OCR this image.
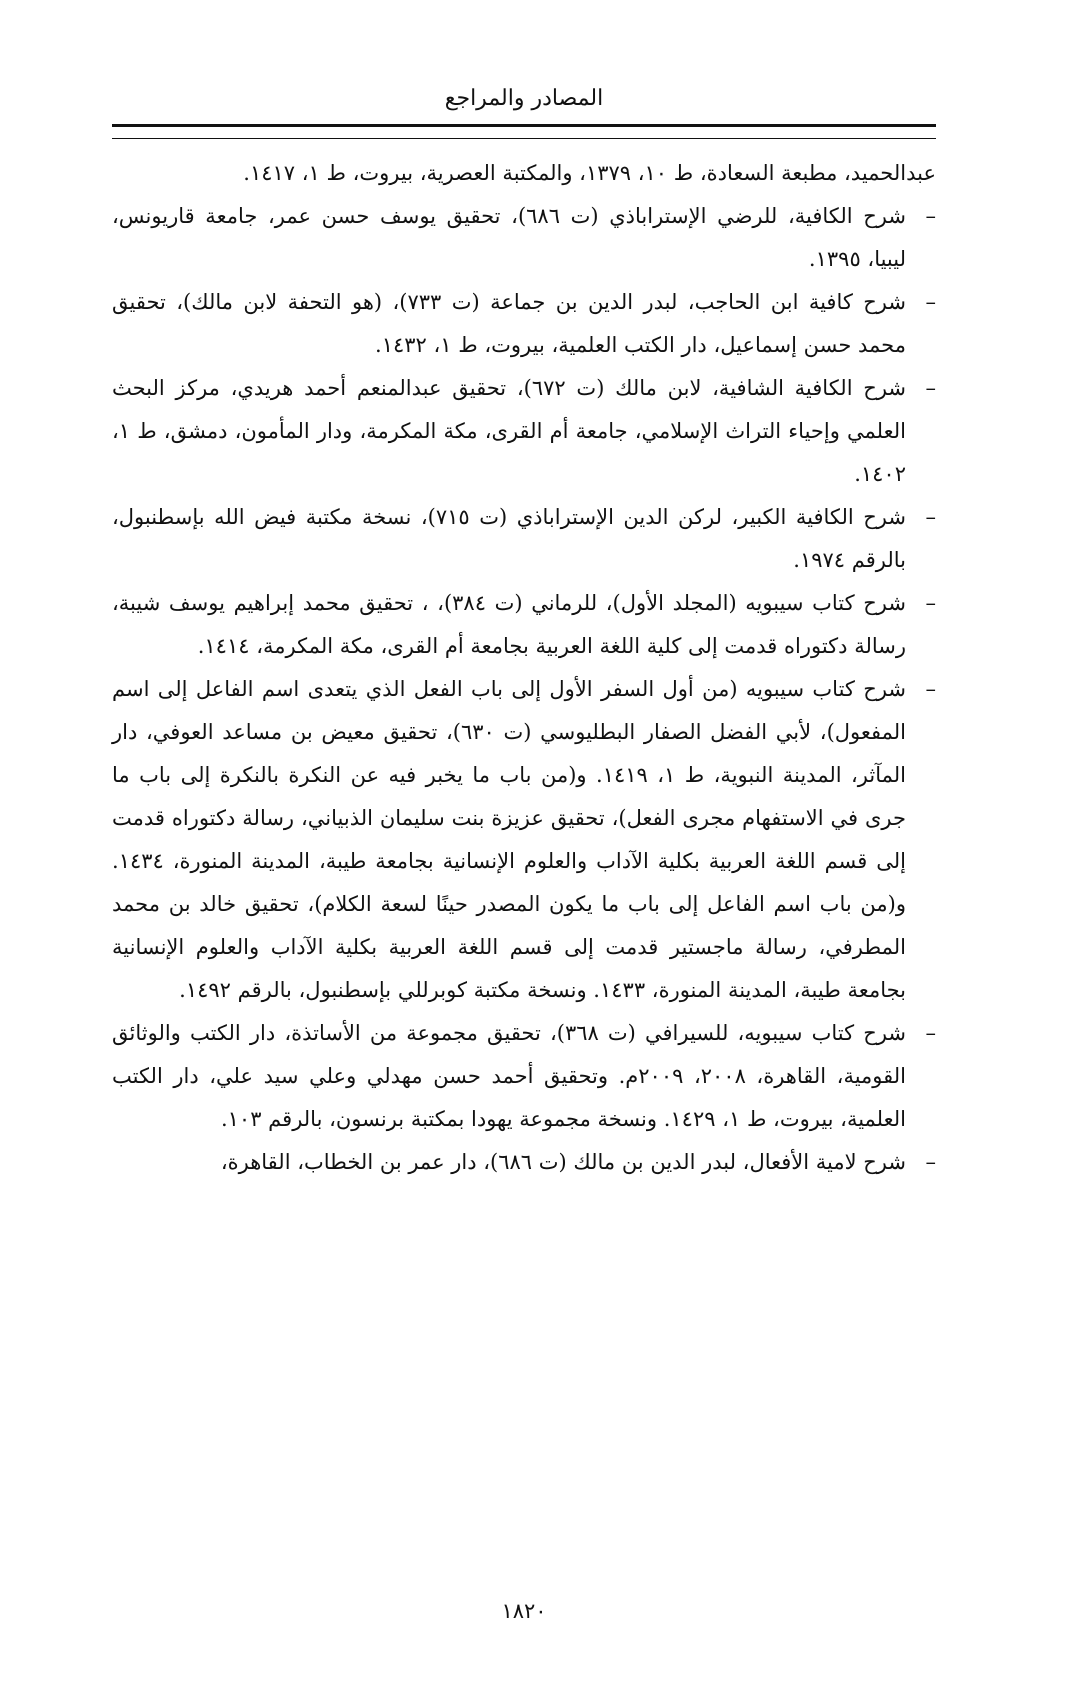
المصادر والمراجع

عبدالحميد، مطبعة السعادة، ط ١٠، ١٣٧٩، والمكتبة العصرية، بيروت، ط ١، ١٤١٧.

–
شرح الكافية، للرضي الإستراباذي (ت ٦٨٦)، تحقيق يوسف حسن عمر، جامعة قاريونس، ليبيا، ١٣٩٥.

–
شرح كافية ابن الحاجب، لبدر الدين بن جماعة (ت ٧٣٣)، (هو التحفة لابن مالك)، تحقيق محمد حسن إسماعيل، دار الكتب العلمية، بيروت، ط ١، ١٤٣٢.

–
شرح الكافية الشافية، لابن مالك (ت ٦٧٢)، تحقيق عبدالمنعم أحمد هريدي، مركز البحث العلمي وإحياء التراث الإسلامي، جامعة أم القرى، مكة المكرمة، ودار المأمون، دمشق، ط ١، ١٤٠٢.

–
شرح الكافية الكبير، لركن الدين الإستراباذي (ت ٧١٥)، نسخة مكتبة فيض الله بإسطنبول، بالرقم ١٩٧٤.

–
شرح كتاب سيبويه (المجلد الأول)، للرماني (ت ٣٨٤)، ، تحقيق محمد إبراهيم يوسف شيبة، رسالة دكتوراه قدمت إلى كلية اللغة العربية بجامعة أم القرى، مكة المكرمة، ١٤١٤.

–
شرح كتاب سيبويه (من أول السفر الأول إلى باب الفعل الذي يتعدى اسم الفاعل إلى اسم المفعول)، لأبي الفضل الصفار البطليوسي (ت ٦٣٠)، تحقيق معيض بن مساعد العوفي، دار المآثر، المدينة النبوية، ط ١، ١٤١٩. و(من باب ما يخبر فيه عن النكرة بالنكرة إلى باب ما جرى في الاستفهام مجرى الفعل)، تحقيق عزيزة بنت سليمان الذبياني، رسالة دكتوراه قدمت إلى قسم اللغة العربية بكلية الآداب والعلوم الإنسانية بجامعة طيبة، المدينة المنورة، ١٤٣٤. و(من باب اسم الفاعل إلى باب ما يكون المصدر حينًا لسعة الكلام)، تحقيق خالد بن محمد المطرفي، رسالة ماجستير قدمت إلى قسم اللغة العربية بكلية الآداب والعلوم الإنسانية بجامعة طيبة، المدينة المنورة، ١٤٣٣. ونسخة مكتبة كوبرللي بإسطنبول، بالرقم ١٤٩٢.

–
شرح كتاب سيبويه، للسيرافي (ت ٣٦٨)، تحقيق مجموعة من الأساتذة، دار الكتب والوثائق القومية، القاهرة، ٢٠٠٨، ٢٠٠٩م. وتحقيق أحمد حسن مهدلي وعلي سيد علي، دار الكتب العلمية، بيروت، ط ١، ١٤٢٩. ونسخة مجموعة يهودا بمكتبة برنسون، بالرقم ١٠٣.

–
شرح لامية الأفعال، لبدر الدين بن مالك (ت ٦٨٦)، دار عمر بن الخطاب، القاهرة،

١٨٢٠
